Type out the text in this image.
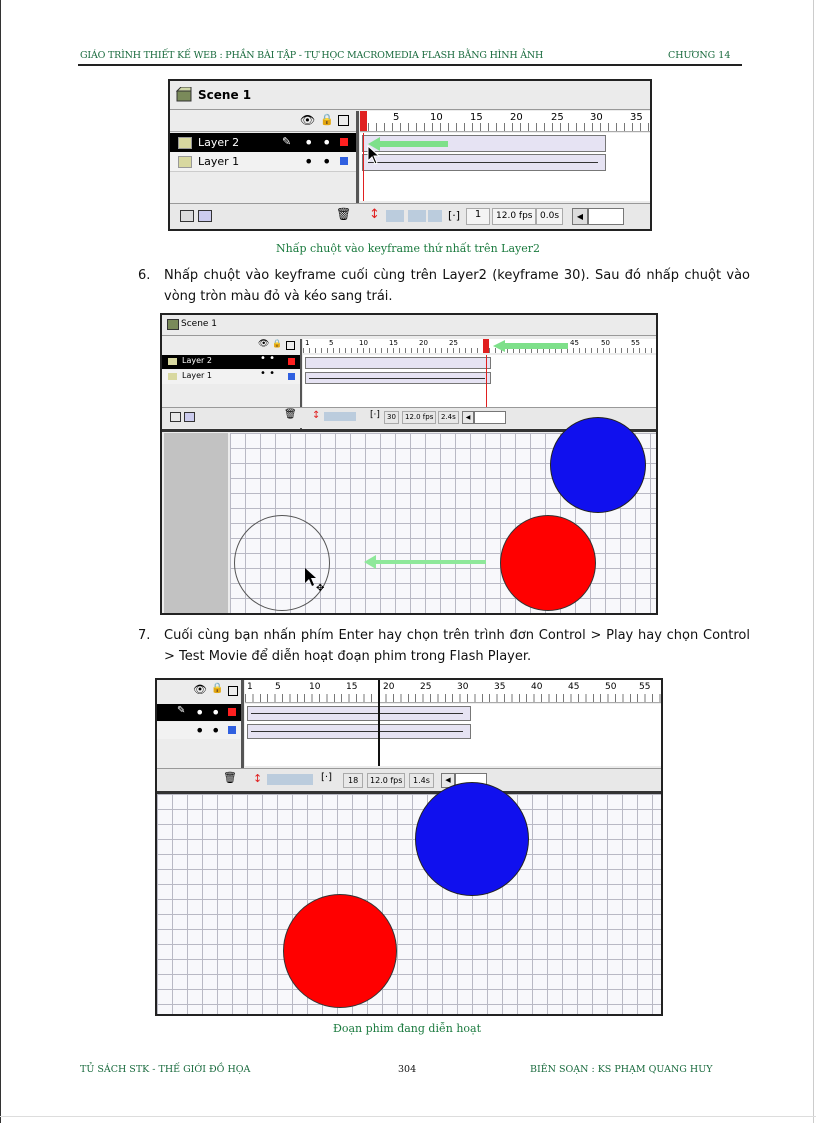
GIÁO TRÌNH THIẾT KẾ WEB : PHẦN BÀI TẬP - TỰ HỌC MACROMEDIA FLASH BẰNG HÌNH ẢNH	CHƯƠNG 14
Scene 1
👁 🔒	5	10	15	20	25	30	35
Layer 2	✎ • •
Layer 1	• •
🗑 ↕	[·]	1	12.0 fps 0.0s	◀
Nhấp chuột vào keyframe thứ nhất trên Layer2
6. Nhấp chuột vào keyframe cuối cùng trên Layer2 (keyframe 30). Sau đó nhấp chuột vào vòng tròn màu đỏ và kéo sang trái.
Scene 1
👁 🔒	1	5	10	15	20	25	45	50	55
Layer 2	• •
Layer 1	• •
🗑 ↕	[·]	30	12.0 fps	2.4s	◀
✥
7. Cuối cùng bạn nhấn phím Enter hay chọn trên trình đơn Control > Play hay chọn Control > Test Movie để diễn hoạt đoạn phim trong Flash Player.
👁 🔒	1 5	10	15	20	25	30	35	40	45	50	55
✎ • •
• •
🗑 ↕	[·]	18	12.0 fps	1.4s	◀
Đoạn phim đang diễn hoạt
TỦ SÁCH STK - THẾ GIỚI ĐỒ HỌA	304	BIÊN SOẠN : KS PHẠM QUANG HUY
